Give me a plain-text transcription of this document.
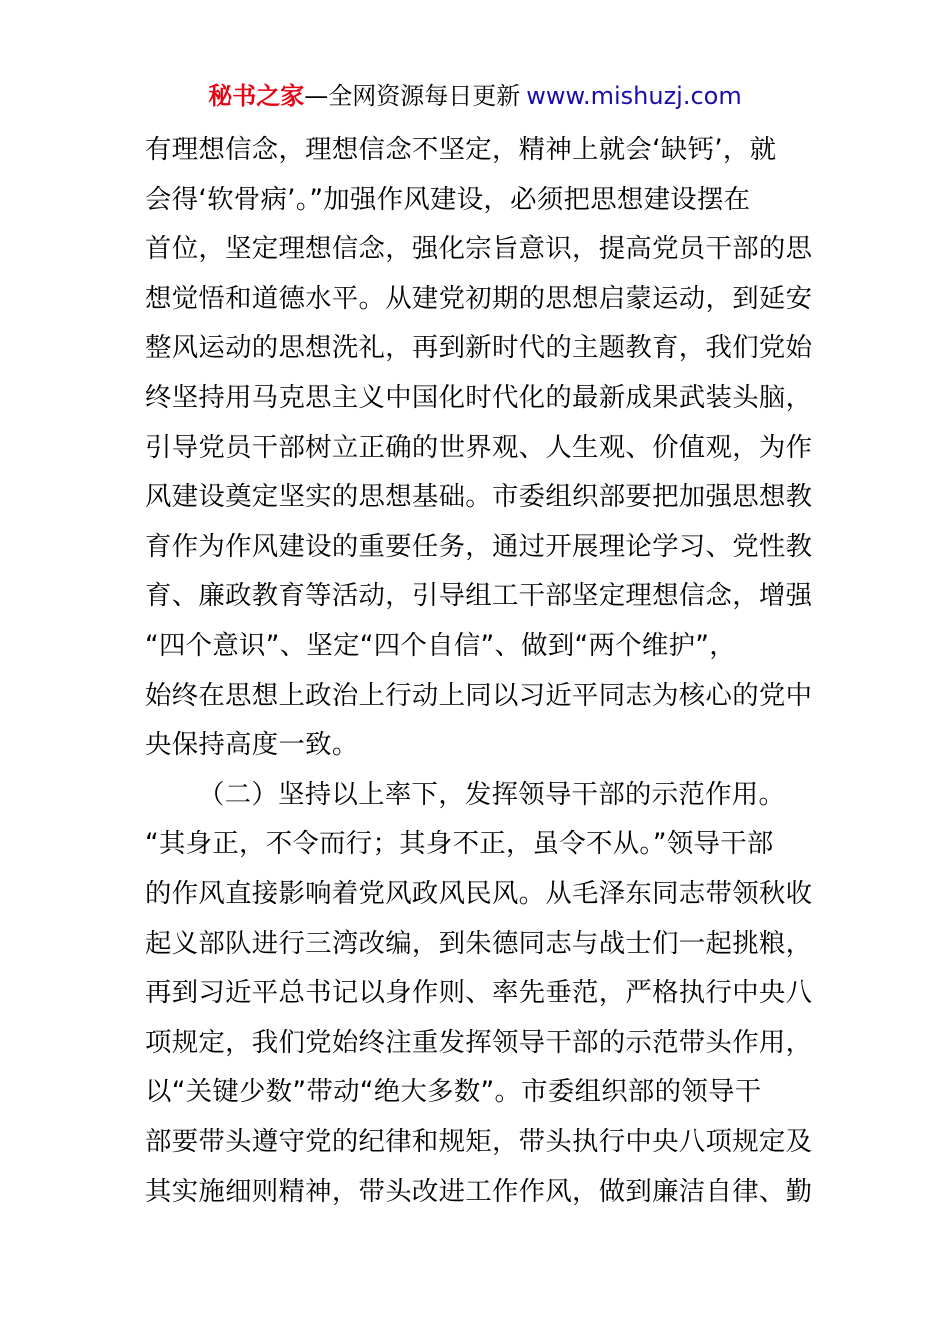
秘书之家—全网资源每日更新 www.mishuzj.com
有理想信念，理想信念不坚定，精神上就会‘缺钙’，就
会得‘软骨病’。”加强作风建设，必须把思想建设摆在
首位，坚定理想信念，强化宗旨意识，提高党员干部的思
想觉悟和道德水平。从建党初期的思想启蒙运动，到延安
整风运动的思想洗礼，再到新时代的主题教育，我们党始
终坚持用马克思主义中国化时代化的最新成果武装头脑，
引导党员干部树立正确的世界观、人生观、价值观，为作
风建设奠定坚实的思想基础。市委组织部要把加强思想教
育作为作风建设的重要任务，通过开展理论学习、党性教
育、廉政教育等活动，引导组工干部坚定理想信念，增强
“四个意识”、坚定“四个自信”、做到“两个维护”，
始终在思想上政治上行动上同以习近平同志为核心的党中
央保持高度一致。
（二）坚持以上率下，发挥领导干部的示范作用。
“其身正，不令而行；其身不正，虽令不从。”领导干部
的作风直接影响着党风政风民风。从毛泽东同志带领秋收
起义部队进行三湾改编，到朱德同志与战士们一起挑粮，
再到习近平总书记以身作则、率先垂范，严格执行中央八
项规定，我们党始终注重发挥领导干部的示范带头作用，
以“关键少数”带动“绝大多数”。市委组织部的领导干
部要带头遵守党的纪律和规矩，带头执行中央八项规定及
其实施细则精神，带头改进工作作风，做到廉洁自律、勤
